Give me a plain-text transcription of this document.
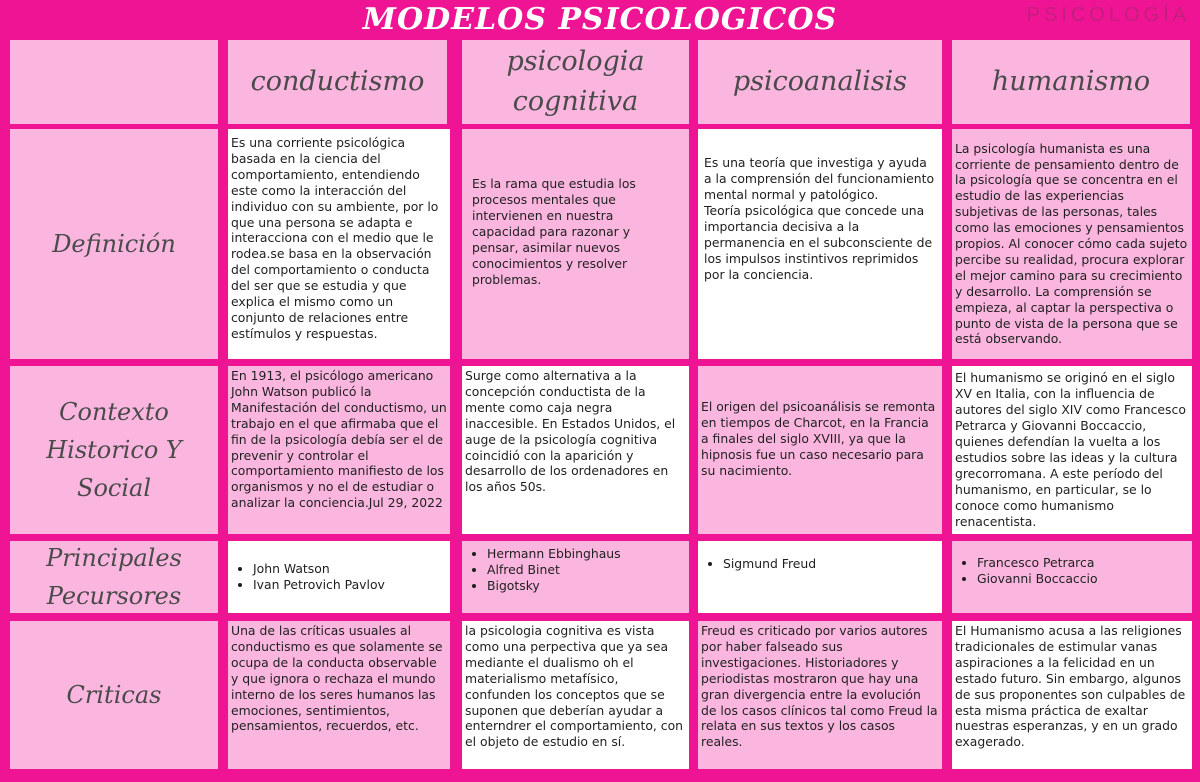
MODELOS PSICOLOGICOS	PSICOLOGÍA
conductismo
psicologia cognitiva
psicoanalisis	humanismo
Definición
Es una corriente psicológica basada en la ciencia del comportamiento, entendiendo este como la interacción del individuo con su ambiente, por lo que una persona se adapta e interacciona con el medio que le rodea.se basa en la observación del comportamiento o conducta del ser que se estudia y que explica el mismo como un conjunto de relaciones entre estímulos y respuestas.
Es la rama que estudia los procesos mentales que intervienen en nuestra capacidad para razonar y pensar, asimilar nuevos conocimientos y resolver problemas.
Es una teoría que investiga y ayuda a la comprensión del funcionamiento mental normal y patológico.
Teoría psicológica que concede una importancia decisiva a la permanencia en el subconsciente de los impulsos instintivos reprimidos por la conciencia.
La psicología humanista es una corriente de pensamiento dentro de la psicología que se concentra en el estudio de las experiencias subjetivas de las personas, tales como las emociones y pensamientos propios. Al conocer cómo cada sujeto percibe su realidad, procura explorar el mejor camino para su crecimiento y desarrollo. La comprensión se empieza, al captar la perspectiva o punto de vista de la persona que se está observando.
Contexto Historico Y Social
En 1913, el psicólogo americano John Watson publicó la Manifestación del conductismo, un trabajo en el que afirmaba que el fin de la psicología debía ser el de prevenir y controlar el comportamiento manifiesto de los organismos y no el de estudiar o analizar la conciencia.Jul 29, 2022
Surge como alternativa a la concepción conductista de la mente como caja negra inaccesible. En Estados Unidos, el auge de la psicología cognitiva coincidió con la aparición y desarrollo de los ordenadores en los años 50s.
El origen del psicoanálisis se remonta en tiempos de Charcot, en la Francia a finales del siglo XVIII, ya que la hipnosis fue un caso necesario para su nacimiento.
El humanismo se originó en el siglo XV en Italia, con la influencia de autores del siglo XIV como Francesco Petrarca y Giovanni Boccaccio, quienes defendían la vuelta a los estudios sobre las ideas y la cultura grecorromana. A este período del humanismo, en particular, se lo conoce como humanismo renacentista.
Principales Pecursores
• John Watson
• Ivan Petrovich Pavlov
• Hermann Ebbinghaus
• Alfred Binet
• Bigotsky
• Sigmund Freud
•	Francesco Petrarca
• Giovanni Boccaccio
Criticas
Una de las críticas usuales al conductismo es que solamente se ocupa de la conducta observable y que ignora o rechaza el mundo interno de los seres humanos las emociones, sentimientos, pensamientos, recuerdos, etc.
la psicologia cognitiva es vista como una perpectiva que ya sea mediante el dualismo oh el materialismo metafísico, confunden los conceptos que se suponen que deberían ayudar a enterndrer el comportamiento, con el objeto de estudio en sí.
Freud es criticado por varios autores por haber falseado sus investigaciones. Historiadores y periodistas mostraron que hay una gran divergencia entre la evolución de los casos clínicos tal como Freud la relata en sus textos y los casos reales.
El Humanismo acusa a las religiones tradicionales de estimular vanas aspiraciones a la felicidad en un estado futuro. Sin embargo, algunos de sus proponentes son culpables de esta misma práctica de exaltar nuestras esperanzas, y en un grado exagerado.
